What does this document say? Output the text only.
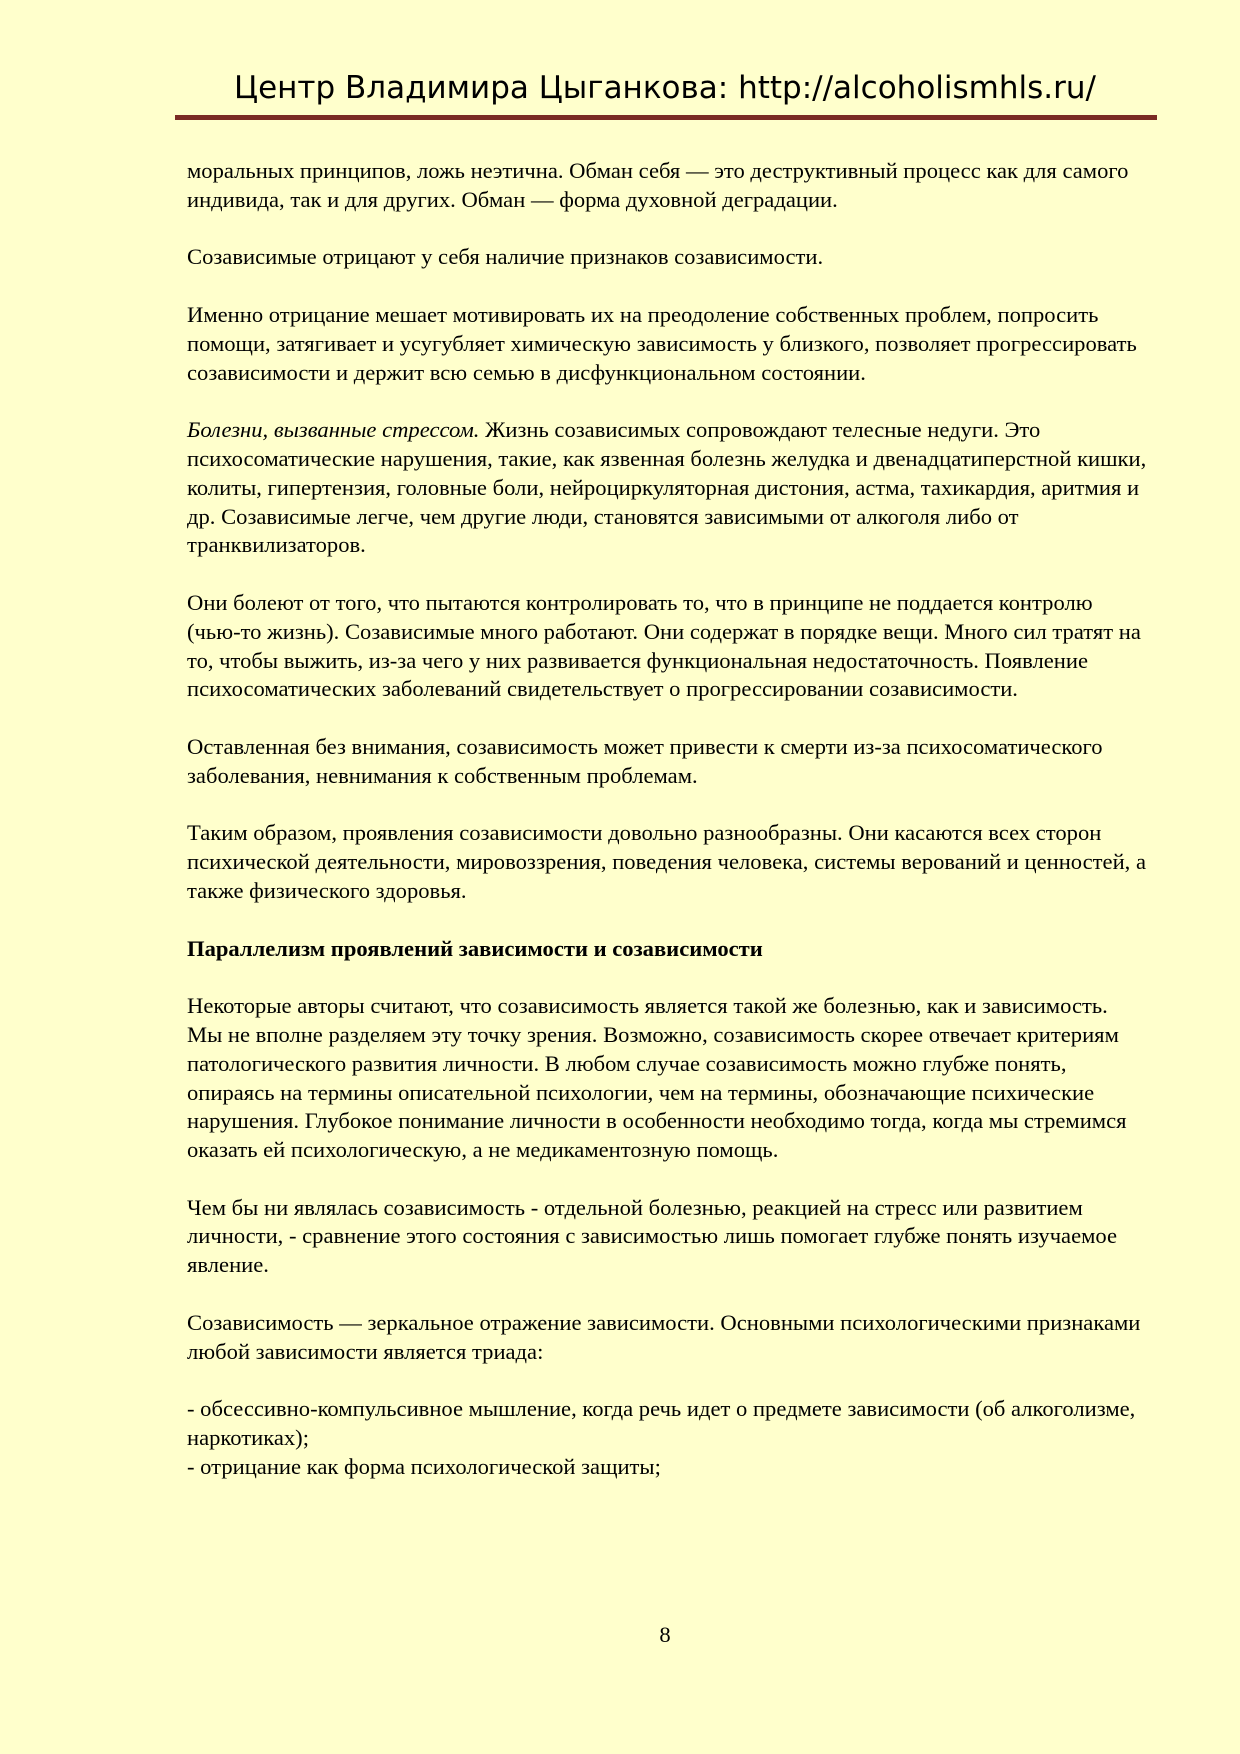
Центр Владимира Цыганкова: http://alcoholismhls.ru/

моральных принципов, ложь неэтична. Обман себя — это деструктивный процесс как для самого индивида, так и для других. Обман — форма духовной деградации.

Созависимые отрицают у себя наличие признаков созависимости.

Именно отрицание мешает мотивировать их на преодоление собственных проблем, попросить помощи, затягивает и усугубляет химическую зависимость у близкого, позволяет прогрессировать созависимости и держит всю семью в дисфункциональном состоянии.

Болезни, вызванные стрессом. Жизнь созависимых сопровождают телесные недуги. Это психосоматические нарушения, такие, как язвенная болезнь желудка и двенадцатиперстной кишки, колиты, гипертензия, головные боли, нейроциркуляторная дистония, астма, тахикардия, аритмия и др. Созависимые легче, чем другие люди, становятся зависимыми от алкоголя либо от транквилизаторов.

Они болеют от того, что пытаются контролировать то, что в принципе не поддается контролю (чью-то жизнь). Созависимые много работают. Они содержат в порядке вещи. Много сил тратят на то, чтобы выжить, из-за чего у них развивается функциональная недостаточность. Появление психосоматических заболеваний свидетельствует о прогрессировании созависимости.

Оставленная без внимания, созависимость может привести к смерти из-за психосоматического заболевания, невнимания к собственным проблемам.

Таким образом, проявления созависимости довольно разнообразны. Они касаются всех сторон психической деятельности, мировоззрения, поведения человека, системы верований и ценностей, а также физического здоровья.

Параллелизм проявлений зависимости и созависимости

Некоторые авторы считают, что созависимость является такой же болезнью, как и зависимость. Мы не вполне разделяем эту точку зрения. Возможно, созависимость скорее отвечает критериям патологического развития личности. В любом случае созависимость можно глубже понять, опираясь на термины описательной психологии, чем на термины, обозначающие психические нарушения. Глубокое понимание личности в особенности необходимо тогда, когда мы стремимся оказать ей психологическую, а не медикаментозную помощь.

Чем бы ни являлась созависимость - отдельной болезнью, реакцией на стресс или развитием личности, - сравнение этого состояния с зависимостью лишь помогает глубже понять изучаемое явление.

Созависимость — зеркальное отражение зависимости. Основными психологическими признаками любой зависимости является триада:

- обсессивно-компульсивное мышление, когда речь идет о предмете зависимости (об алкоголизме, наркотиках);

- отрицание как форма психологической защиты;

8
